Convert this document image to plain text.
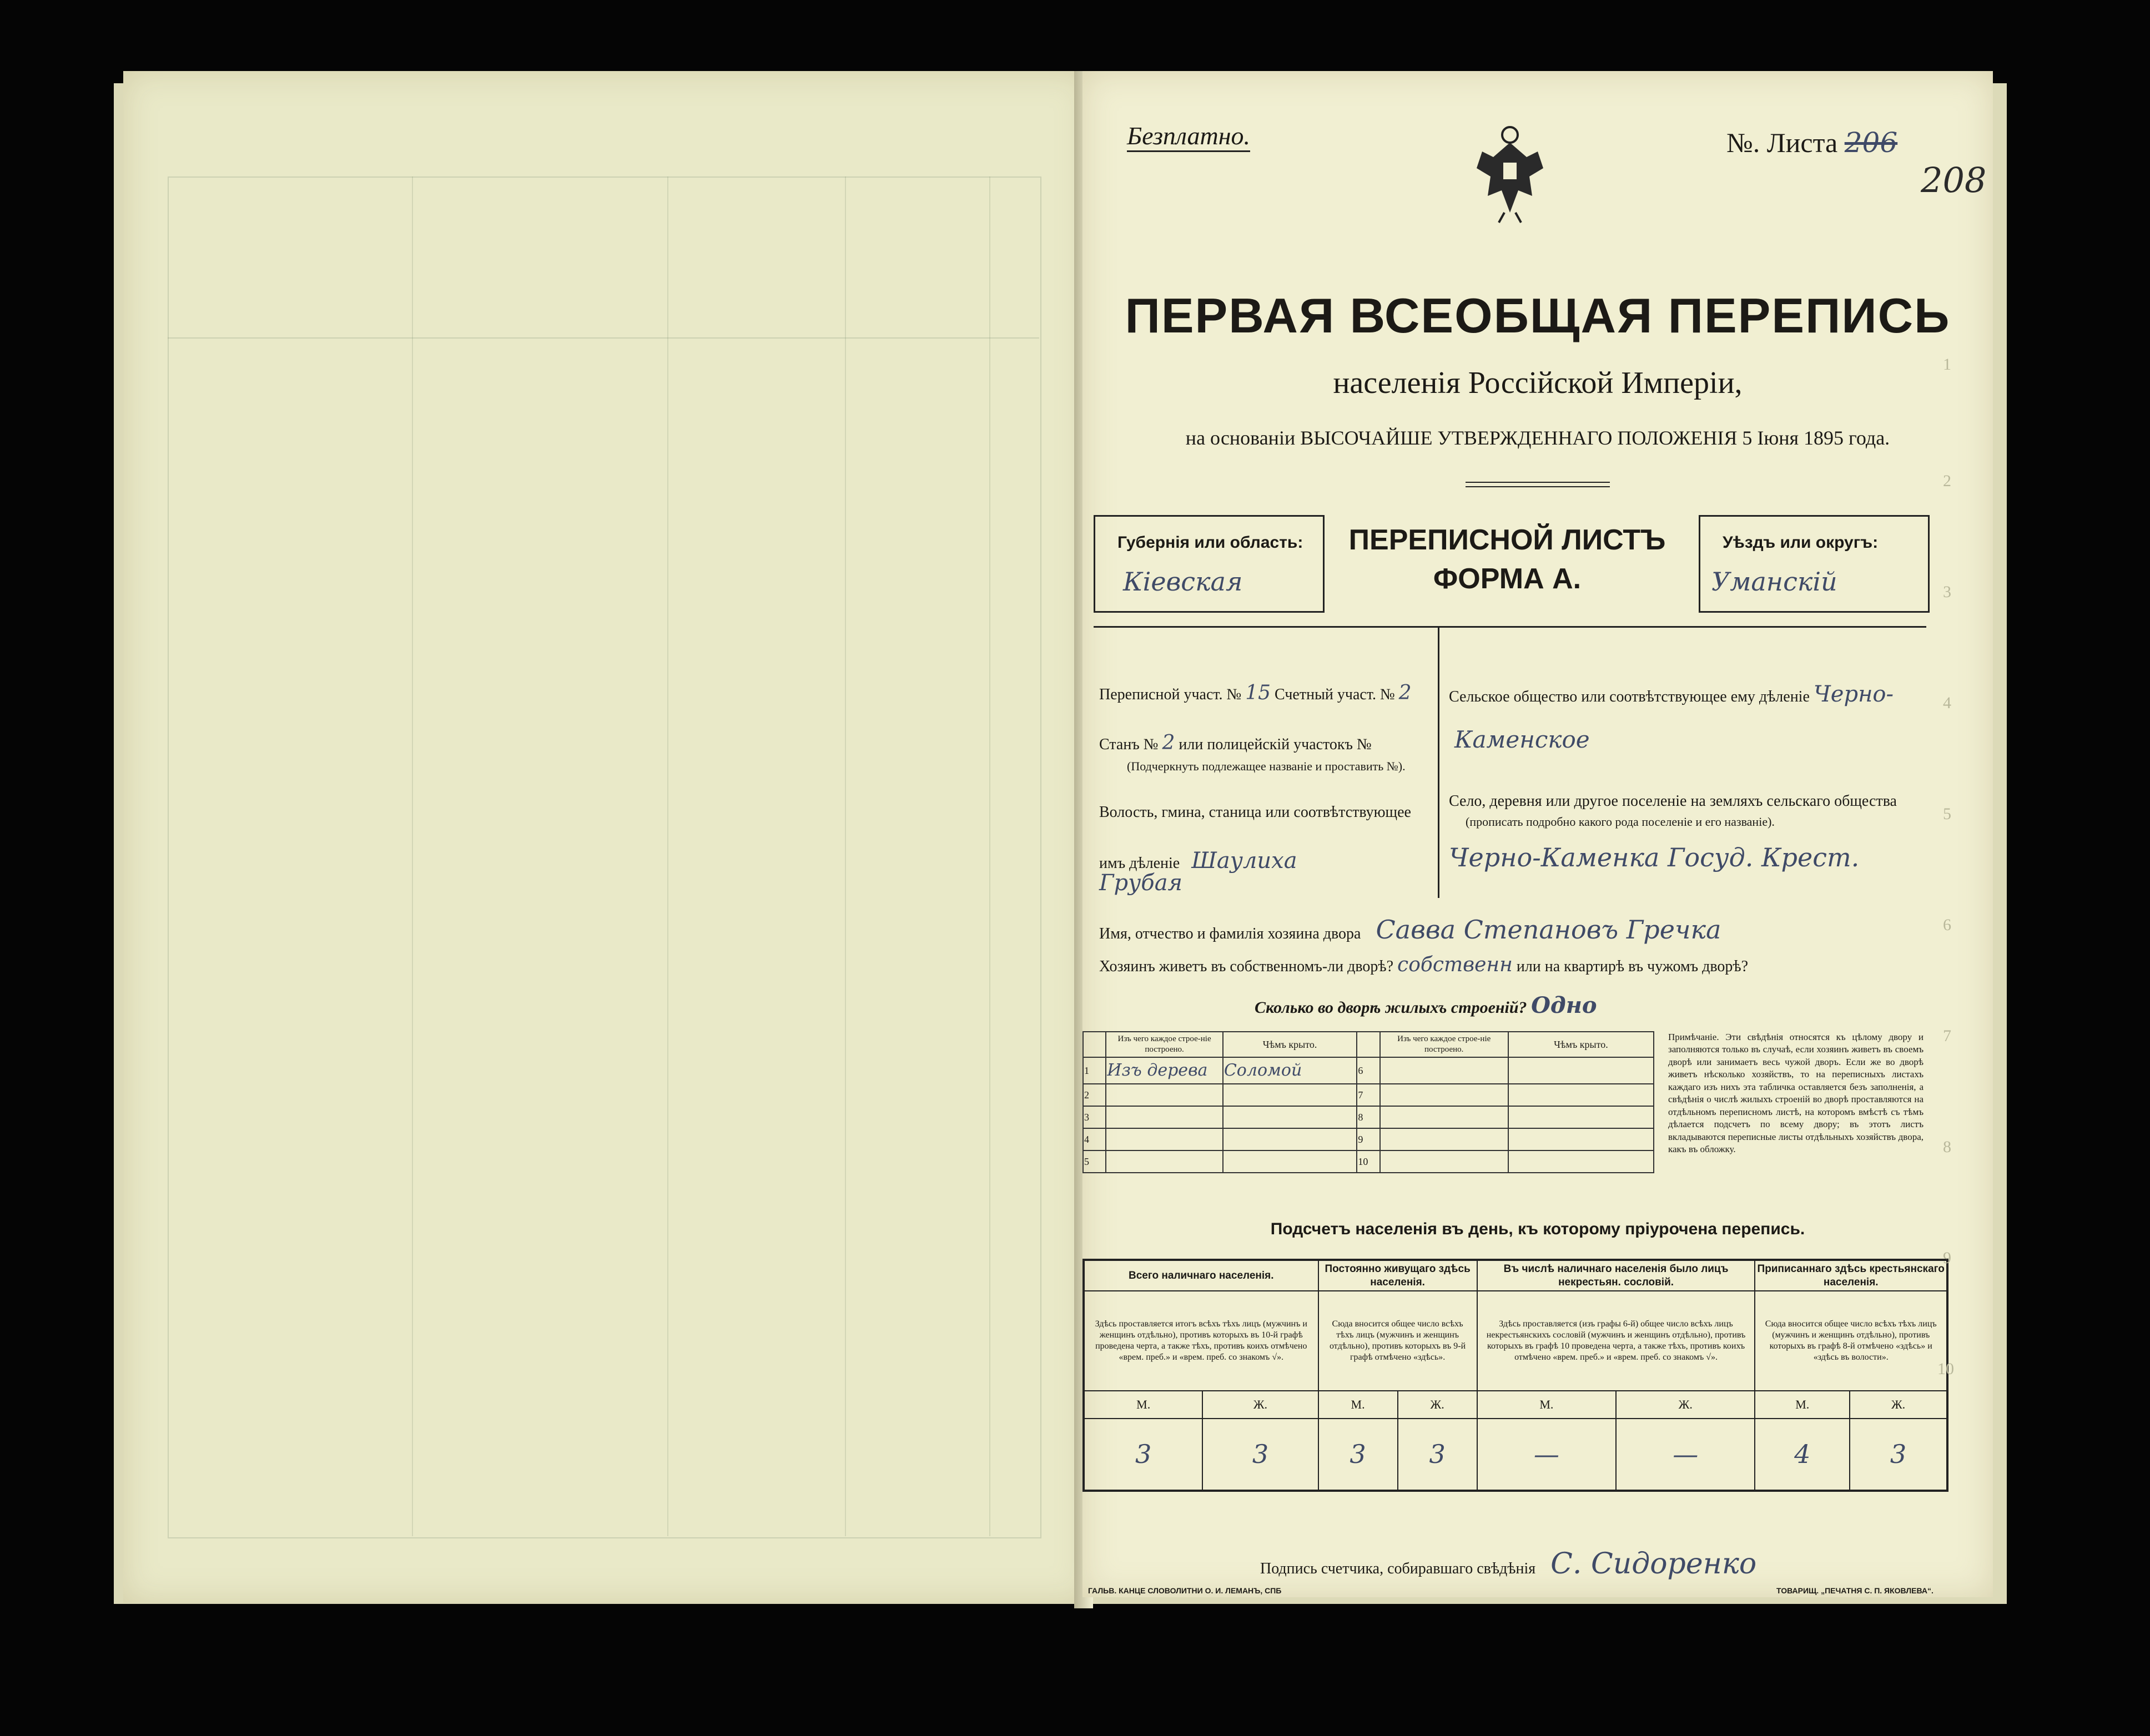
Безплатно.	№. Листа 206
208
ПЕРВАЯ ВСЕОБЩАЯ ПЕРЕПИСЬ
населенія Россійской Имперіи,
на основаніи ВЫСОЧАЙШЕ УТВЕРЖДЕННАГО ПОЛОЖЕНІЯ 5 Іюня 1895 года.
Губернія или область:
Кіевская
ПЕРЕПИСНОЙ ЛИСТЪ
ФОРМА А.
Уѣздъ или округъ:
Уманскій
Переписной участ. № 15 Счетный участ. № 2
Станъ № 2 или полицейскій участокъ №
(Подчеркнуть подлежащее названіе и проставить №).
Волость, гмина, станица или соотвѣтствующее
имъ дѣленіе Шаулиха
Грубая
Сельское общество или соотвѣтствующее ему дѣленіе Черно-
Каменское
Село, деревня или другое поселеніе на земляхъ сельскаго общества
(прописать подробно какого рода поселеніе и его названіе).
Черно-Каменка Госуд. Крест.
Имя, отчество и фамилія хозяина двора Савва Степановъ Гречка
Хозяинъ живетъ въ собственномъ-ли дворѣ? собственн или на квартирѣ въ чужомъ дворѣ?
Сколько во дворѣ жилыхъ строеній? Одно
	Изъ чего каждое строе-ніе построено.	Чѣмъ крыто.		Изъ чего каждое строе-ніе построено.	Чѣмъ крыто.
1	Изъ дерева	Соломой	6		
2			7		
3			8		
4			9		
5			10		
Примѣчаніе. Эти свѣдѣнія относятся къ цѣлому двору и заполняются только въ случаѣ, если хозяинъ живетъ въ своемъ дворѣ или занимаетъ весь чужой дворъ. Если же во дворѣ живетъ нѣсколько хозяйствъ, то на переписныхъ листахъ каждаго изъ нихъ эта табличка оставляется безъ заполненія, а свѣдѣнія о числѣ жилыхъ строеній во дворѣ проставляются на отдѣльномъ переписномъ листѣ, на которомъ вмѣстѣ съ тѣмъ дѣлается подсчетъ по всему двору; въ этотъ листъ вкладываются переписные листы отдѣльныхъ хозяйствъ двора, какъ въ обложку.
Подсчетъ населенія въ день, къ которому пріурочена перепись.
Всего наличнаго населенія.		Постоянно живущаго здѣсь населенія.		Въ числѣ наличнаго населенія было лицъ некрестьян. сословій.		Приписаннаго здѣсь крестьянскаго населенія.	
Здѣсь проставляется итогъ всѣхъ тѣхъ лицъ (мужчинъ и женщинъ отдѣльно), противъ которыхъ въ 10-й графѣ проведена черта, а также тѣхъ, противъ коихъ отмѣчено «врем. преб.» и «врем. преб. со знакомъ √».		Сюда вносится общее число всѣхъ тѣхъ лицъ (мужчинъ и женщинъ отдѣльно), противъ которыхъ въ 9-й графѣ отмѣчено «здѣсь».		Здѣсь проставляется (изъ графы 6-й) общее число всѣхъ лицъ некрестьянскихъ сословій (мужчинъ и женщинъ отдѣльно), противъ которыхъ въ графѣ 10 проведена черта, а также тѣхъ, противъ коихъ отмѣчено «врем. преб.» и «врем. преб. со знакомъ √».		Сюда вносится общее число всѣхъ тѣхъ лицъ (мужчинъ и женщинъ отдѣльно), противъ которыхъ въ графѣ 8-й отмѣчено «здѣсь» и «здѣсь въ волости».	
М.	Ж.	М.	Ж.	М.	Ж.	М.	Ж.
3	3	3	3	—	—	4	3
Подпись счетчика, собиравшаго свѣдѣнія С. Сидоренко
ГАЛЬВ. КАНЦЕ СЛОВОЛИТНИ О. И. ЛЕМАНЪ, СПБ	ТОВАРИЩ. „ПЕЧАТНЯ С. П. ЯКОВЛЕВА“.
1
2
3
4
5
6
7
8
9
10
